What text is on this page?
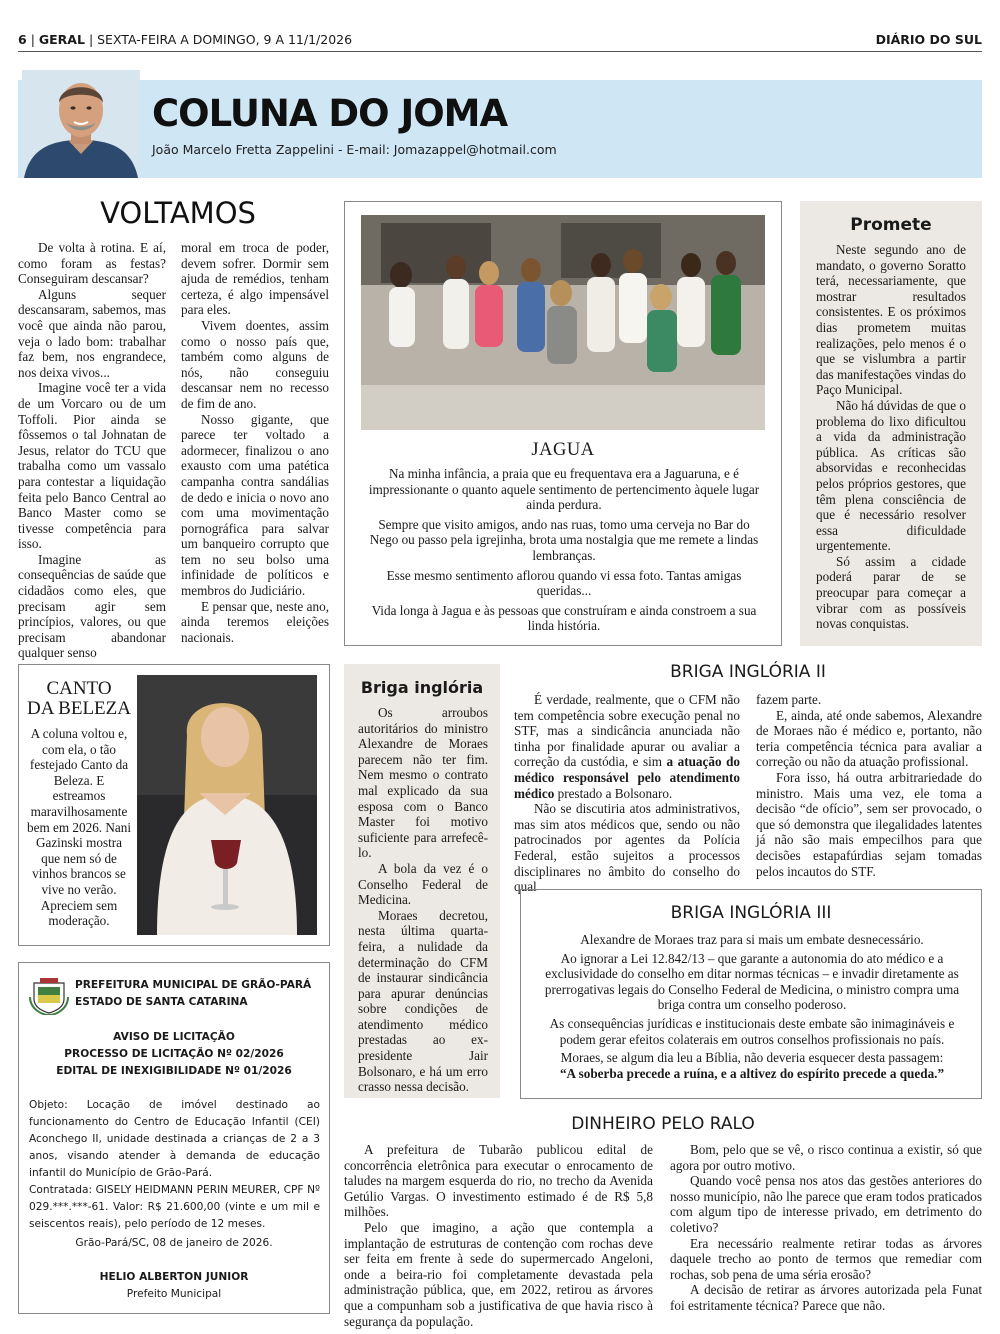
6 | GERAL | SEXTA-FEIRA A DOMINGO, 9 A 11/1/2026	DIÁRIO DO SUL
COLUNA DO JOMA
João Marcelo Fretta Zappelini - E-mail: Jomazappel@hotmail.com
VOLTAMOS

De volta à rotina. E aí, como foram as festas? Conseguiram descansar?

Alguns sequer descansaram, sabemos, mas você que ainda não parou, veja o lado bom: trabalhar faz bem, nos engrandece, nos deixa vivos...

Imagine você ter a vida de um Vorcaro ou de um Toffoli. Pior ainda se fôssemos o tal Johnatan de Jesus, relator do TCU que trabalha como um vassalo para contestar a liquidação feita pelo Banco Central ao Banco Master como se tivesse competência para isso.

Imagine as consequências de saúde que cidadãos como eles, que precisam agir sem princípios, valores, ou que precisam abandonar qualquer senso

moral em troca de poder, devem sofrer. Dormir sem ajuda de remédios, tenham certeza, é algo impensável para eles.

Vivem doentes, assim como o nosso país que, também como alguns de nós, não conseguiu descansar nem no recesso de fim de ano.

Nosso gigante, que parece ter voltado a adormecer, finalizou o ano exausto com uma patética campanha contra sandálias de dedo e inicia o novo ano com uma movimentação pornográfica para salvar um banqueiro corrupto que tem no seu bolso uma infinidade de políticos e membros do Judiciário.

E pensar que, neste ano, ainda teremos eleições nacionais.

JAGUA

Na minha infância, a praia que eu frequentava era a Jaguaruna, e é impressionante o quanto aquele sentimento de pertencimento àquele lugar ainda perdura.

Sempre que visito amigos, ando nas ruas, tomo uma cerveja no Bar do Nego ou passo pela igrejinha, brota uma nostalgia que me remete a lindas lembranças.

Esse mesmo sentimento aflorou quando vi essa foto. Tantas amigas queridas...

Vida longa à Jagua e às pessoas que construíram e ainda constroem a sua linda história.

Promete

Neste segundo ano de mandato, o governo Soratto terá, necessariamente, que mostrar resultados consistentes. E os próximos dias prometem muitas realizações, pelo menos é o que se vislumbra a partir das manifestações vindas do Paço Municipal.

Não há dúvidas de que o problema do lixo dificultou a vida da administração pública. As críticas são absorvidas e reconhecidas pelos próprios gestores, que têm plena consciência de que é necessário resolver essa dificuldade urgentemente.

Só assim a cidade poderá parar de se preocupar para começar a vibrar com as possíveis novas conquistas.

CANTO
DA BELEZA
A coluna voltou e, com ela, o tão festejado Canto da Beleza. E estreamos maravilhosamente bem em 2026. Nani Gazinski mostra que nem só de vinhos brancos se vive no verão. Apreciem sem moderação.
PREFEITURA MUNICIPAL DE GRÃO-PARÁ
ESTADO DE SANTA CATARINA
AVISO DE LICITAÇÃO
PROCESSO DE LICITAÇÃO Nº 02/2026
EDITAL DE INEXIGIBILIDADE Nº 01/2026

Objeto: Locação de imóvel destinado ao funcionamento do Centro de Educação Infantil (CEI) Aconchego II, unidade destinada a crianças de 2 a 3 anos, visando atender à demanda de educação infantil do Município de Grão-Pará.

Contratada: GISELY HEIDMANN PERIN MEURER, CPF Nº 029.***.***-61. Valor: R$ 21.600,00 (vinte e um mil e seiscentos reais), pelo período de 12 meses.

Grão-Pará/SC, 08 de janeiro de 2026.
HELIO ALBERTON JUNIOR
Prefeito Municipal
Briga inglória

Os arroubos autoritários do ministro Alexandre de Moraes parecem não ter fim. Nem mesmo o contrato mal explicado da sua esposa com o Banco Master foi motivo suficiente para arrefecê-lo.

A bola da vez é o Conselho Federal de Medicina.

Moraes decretou, nesta última quarta-feira, a nulidade da determinação do CFM de instaurar sindicância para apurar denúncias sobre condições de atendimento médico prestadas ao ex-presidente Jair Bolsonaro, e há um erro crasso nessa decisão.

BRIGA INGLÓRIA II

É verdade, realmente, que o CFM não tem competência sobre execução penal no STF, mas a sindicância anunciada não tinha por finalidade apurar ou avaliar a correção da custódia, e sim a atuação do médico responsável pelo atendimento médico prestado a Bolsonaro.

Não se discutiria atos administrativos, mas sim atos médicos que, sendo ou não patrocinados por agentes da Polícia Federal, estão sujeitos a processos disciplinares no âmbito do conselho do qual

fazem parte.

E, ainda, até onde sabemos, Alexandre de Moraes não é médico e, portanto, não teria competência técnica para avaliar a correção ou não da atuação profissional.

Fora isso, há outra arbitrariedade do ministro. Mais uma vez, ele toma a decisão “de ofício”, sem ser provocado, o que só demonstra que ilegalidades latentes já não são mais empecilhos para que decisões estapafúrdias sejam tomadas pelos incautos do STF.

BRIGA INGLÓRIA III

Alexandre de Moraes traz para si mais um embate desnecessário.

Ao ignorar a Lei 12.842/13 – que garante a autonomia do ato médico e a exclusividade do conselho em ditar normas técnicas – e invadir diretamente as prerrogativas legais do Conselho Federal de Medicina, o ministro compra uma briga contra um conselho poderoso.

As consequências jurídicas e institucionais deste embate são inimagináveis e podem gerar efeitos colaterais em outros conselhos profissionais no país.

Moraes, se algum dia leu a Bíblia, não deveria esquecer desta passagem:

“A soberba precede a ruína, e a altivez do espírito precede a queda.”

DINHEIRO PELO RALO

A prefeitura de Tubarão publicou edital de concorrência eletrônica para executar o enrocamento de taludes na margem esquerda do rio, no trecho da Avenida Getúlio Vargas. O investimento estimado é de R$ 5,8 milhões.

Pelo que imagino, a ação que contempla a implantação de estruturas de contenção com rochas deve ser feita em frente à sede do supermercado Angeloni, onde a beira-rio foi completamente devastada pela administração pública, que, em 2022, retirou as árvores que a compunham sob a justificativa de que havia risco à segurança da população.

Bom, pelo que se vê, o risco continua a existir, só que agora por outro motivo.

Quando você pensa nos atos das gestões anteriores do nosso município, não lhe parece que eram todos praticados com algum tipo de interesse privado, em detrimento do coletivo?

Era necessário realmente retirar todas as árvores daquele trecho ao ponto de termos que remediar com rochas, sob pena de uma séria erosão?

A decisão de retirar as árvores autorizada pela Funat foi estritamente técnica? Parece que não.
